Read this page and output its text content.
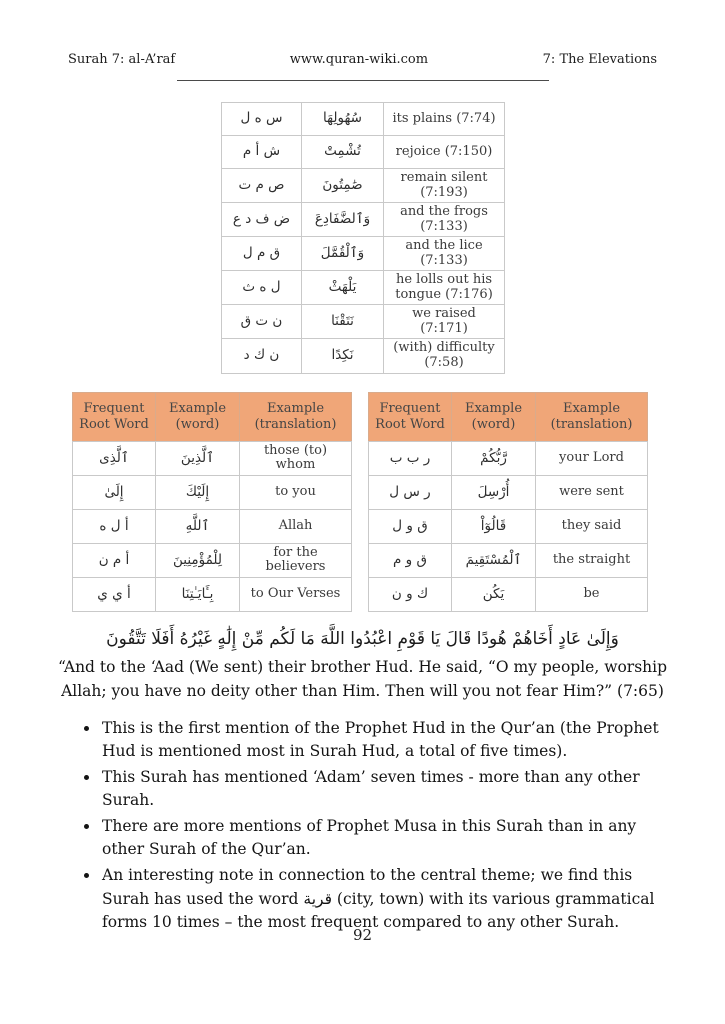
Surah 7: al-A’raf	www.quran-wiki.com	7: The Elevations
س ه ل	سُهُولِهَا	its plains (7:74)
ش أ م	تُشْمِتْ	rejoice (7:150)
ص م ت	صَٰمِتُونَ	remain silent (7:193)
ض ف د ع	وَٱلضَّفَادِعَ	and the frogs (7:133)
ق م ل	وَٱلْقُمَّلَ	and the lice (7:133)
ل ه ث	يَلْهَثْ	he lolls out his tongue (7:176)
ن ت ق	نَتَقْنَا	we raised (7:171)
ن ك د	نَكِدًا	(with) difficulty (7:58)
Frequent Root Word	Example (word)	Example (translation)
ٱلَّذِى	ٱلَّذِينَ	those (to) whom
إِلَىٰ	إِلَيْكَ	to you
أ ل ه	ٱللَّهِ	Allah
أ م ن	لِلْمُؤْمِنِينَ	for the believers
أ ي ي	بِـَٔايَـٰتِنَا	to Our Verses
Frequent Root Word	Example (word)	Example (translation)
ر ب ب	رَّبُّكُمْ	your Lord
ر س ل	أُرْسِلَ	were sent
ق و ل	قَالُوٓاْ	they said
ق و م	ٱلْمُسْتَقِيمَ	the straight
ك و ن	يَكُن	be
وَإِلَىٰ عَادٍ أَخَاهُمْ هُودًا قَالَ يَا قَوْمِ اعْبُدُوا اللَّهَ مَا لَكُم مِّنْ إِلَٰهٍ غَيْرُهُ أَفَلَا تَتَّقُونَ
“And to the ‘Aad (We sent) their brother Hud. He said, “O my people, worship Allah; you have no deity other than Him. Then will you not fear Him?” (7:65)
• This is the first mention of the Prophet Hud in the Qur’an (the Prophet Hud is mentioned most in Surah Hud, a total of five times).
• This Surah has mentioned ‘Adam’ seven times - more than any other Surah.
• There are more mentions of Prophet Musa in this Surah than in any other Surah of the Qur’an.
• An interesting note in connection to the central theme; we find this Surah has used the word قرية (city, town) with its various grammatical forms 10 times – the most frequent compared to any other Surah.
92
